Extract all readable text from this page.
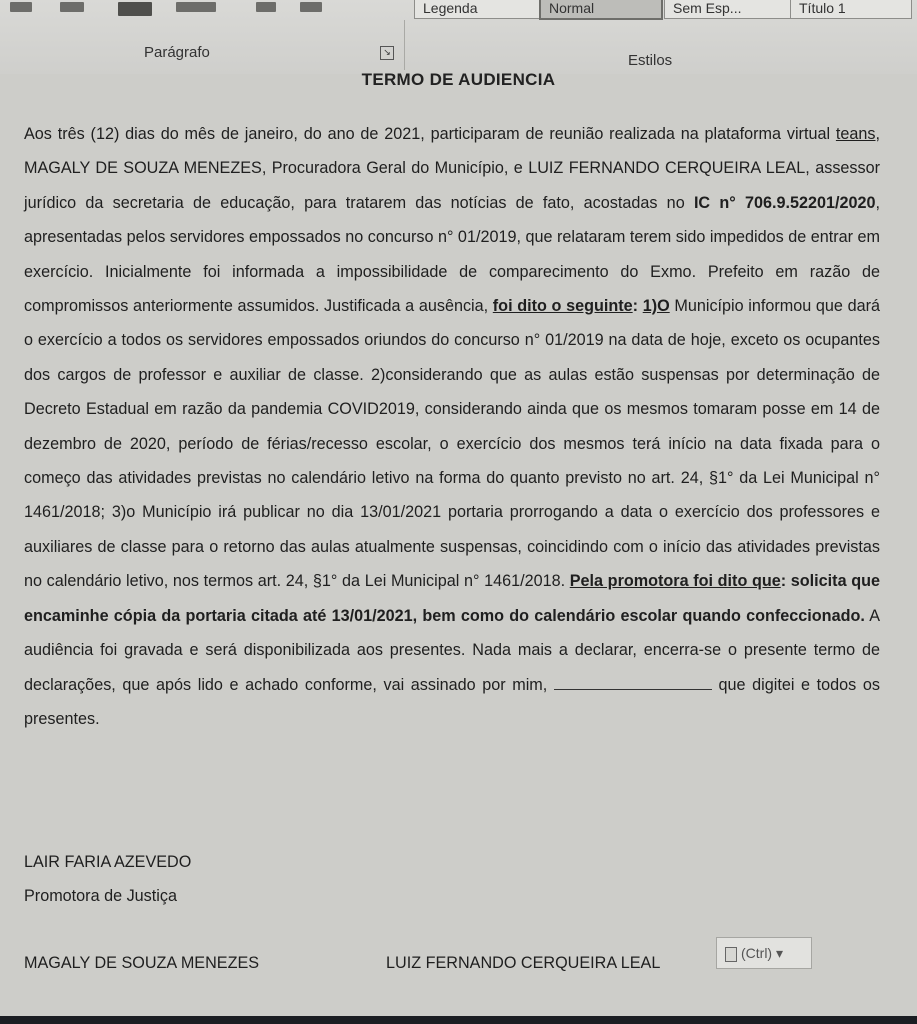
Legenda	Normal	Sem Esp...	Título 1
Parágrafo	↘	Estilos
TERMO DE AUDIENCIA

Aos três (12) dias do mês de janeiro, do ano de 2021, participaram de reunião realizada na plataforma virtual teans, MAGALY DE SOUZA MENEZES, Procuradora Geral do Município, e LUIZ FERNANDO CERQUEIRA LEAL, assessor jurídico da secretaria de educação, para tratarem das notícias de fato, acostadas no IC n° 706.9.52201/2020, apresentadas pelos servidores empossados no concurso n° 01/2019, que relataram terem sido impedidos de entrar em exercício. Inicialmente foi informada a impossibilidade de comparecimento do Exmo. Prefeito em razão de compromissos anteriormente assumidos. Justificada a ausência, foi dito o seguinte: 1)O Município informou que dará o exercício a todos os servidores empossados oriundos do concurso n° 01/2019 na data de hoje, exceto os ocupantes dos cargos de professor e auxiliar de classe. 2)considerando que as aulas estão suspensas por determinação de Decreto Estadual em razão da pandemia COVID2019, considerando ainda que os mesmos tomaram posse em 14 de dezembro de 2020, período de férias/recesso escolar, o exercício dos mesmos terá início na data fixada para o começo das atividades previstas no calendário letivo na forma do quanto previsto no art. 24, §1° da Lei Municipal n° 1461/2018; 3)o Município irá publicar no dia 13/01/2021 portaria prorrogando a data o exercício dos professores e auxiliares de classe para o retorno das aulas atualmente suspensas, coincidindo com o início das atividades previstas no calendário letivo, nos termos art. 24, §1° da Lei Municipal n° 1461/2018. Pela promotora foi dito que: solicita que encaminhe cópia da portaria citada até 13/01/2021, bem como do calendário escolar quando confeccionado. A audiência foi gravada e será disponibilizada aos presentes. Nada mais a declarar, encerra-se o presente termo de declarações, que após lido e achado conforme, vai assinado por mim,	que digitei e todos os presentes.

LAIR FARIA AZEVEDO
Promotora de Justiça
MAGALY DE SOUZA MENEZES	LUIZ FERNANDO CERQUEIRA LEAL
(Ctrl) ▾
